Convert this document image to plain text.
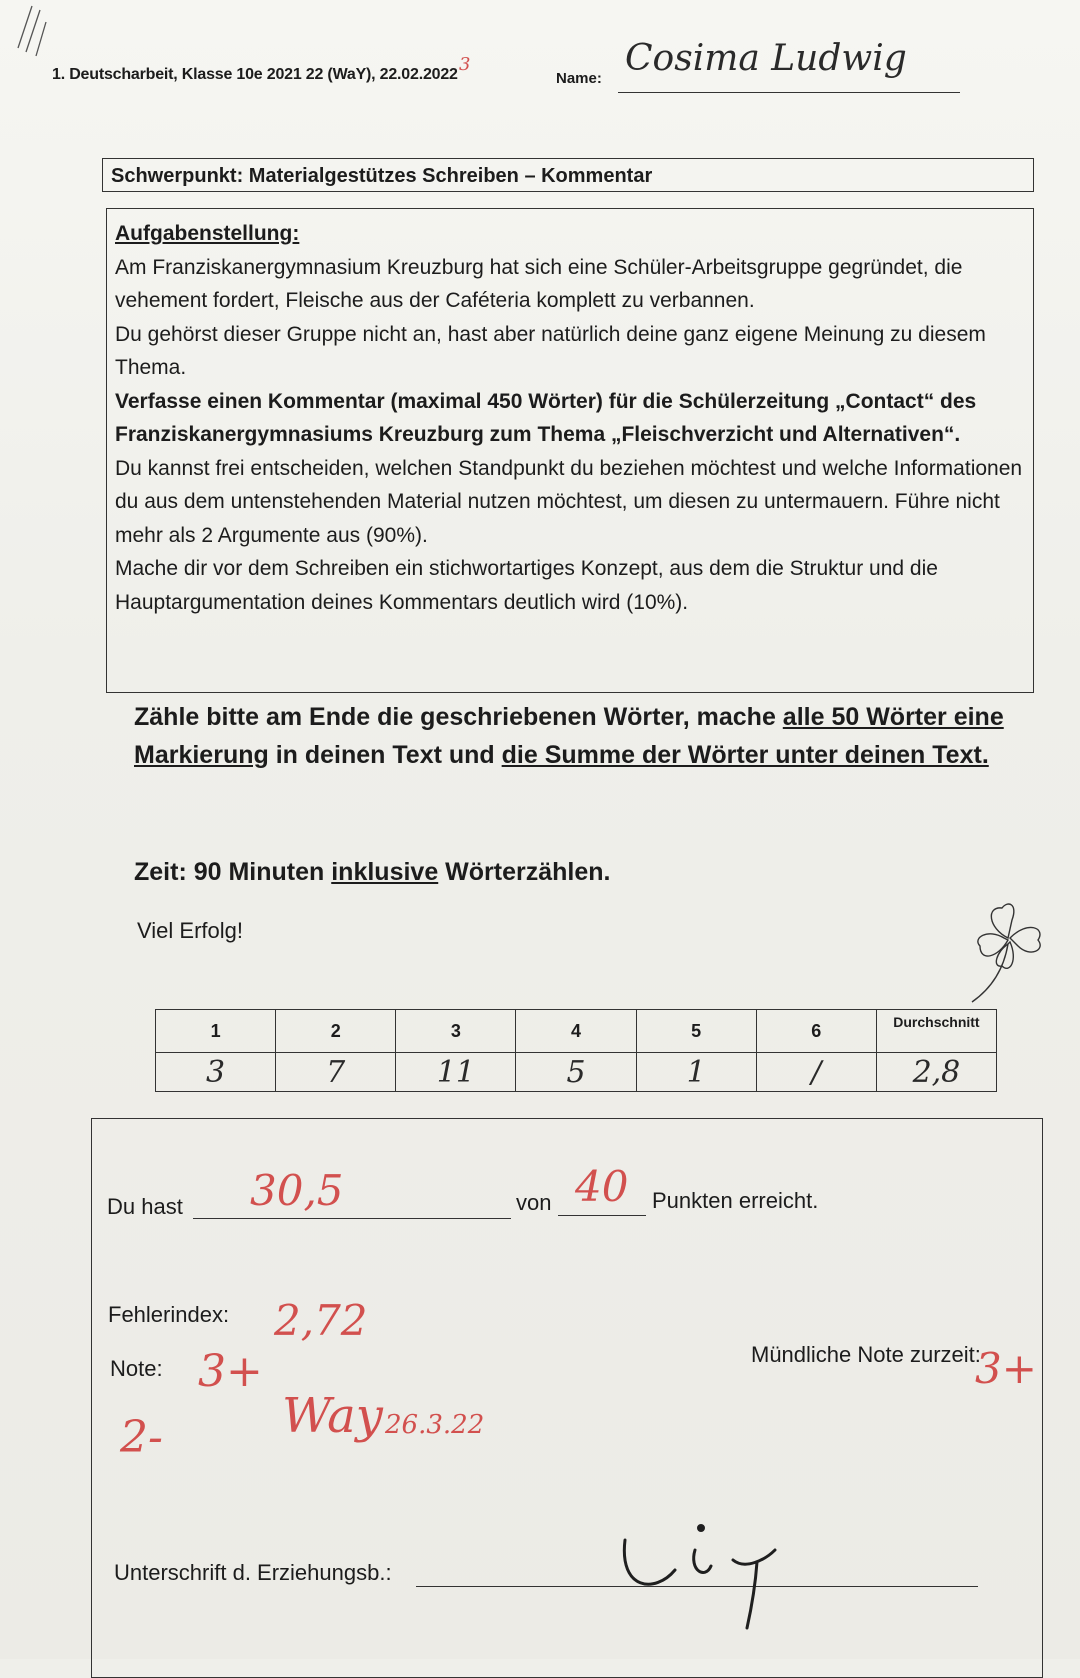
1. Deutscharbeit, Klasse 10e 2021 22 (WaY), 22.02.2022 3
Name: Cosima Ludwig
Schwerpunkt: Materialgestützes Schreiben – Kommentar

Aufgabenstellung:

Am Franziskanergymnasium Kreuzburg hat sich eine Schüler-Arbeitsgruppe gegründet, die vehement fordert, Fleische aus der Caféteria komplett zu verbannen.

Du gehörst dieser Gruppe nicht an, hast aber natürlich deine ganz eigene Meinung zu diesem Thema.

Verfasse einen Kommentar (maximal 450 Wörter) für die Schülerzeitung „Contact“ des Franziskanergymnasiums Kreuzburg zum Thema „Fleischverzicht und Alternativen“.

Du kannst frei entscheiden, welchen Standpunkt du beziehen möchtest und welche Informationen du aus dem untenstehenden Material nutzen möchtest, um diesen zu untermauern. Führe nicht mehr als 2 Argumente aus (90%).

Mache dir vor dem Schreiben ein stichwortartiges Konzept, aus dem die Struktur und die Hauptargumentation deines Kommentars deutlich wird (10%).

Zähle bitte am Ende die geschriebenen Wörter, mache alle 50 Wörter eine Markierung in deinen Text und die Summe der Wörter unter deinen Text.
Zeit: 90 Minuten inklusive Wörterzählen.
Viel Erfolg!
1	2	3	4	5	6	Durchschnitt
3	7	11	5	1	/	2,8
Du hast 30,5	von 40 Punkten erreicht.
Fehlerindex: 2,72
Note: 3+
2- Way 26.3.22
Mündliche Note zurzeit:
3+
Unterschrift d. Erziehungsb.:
